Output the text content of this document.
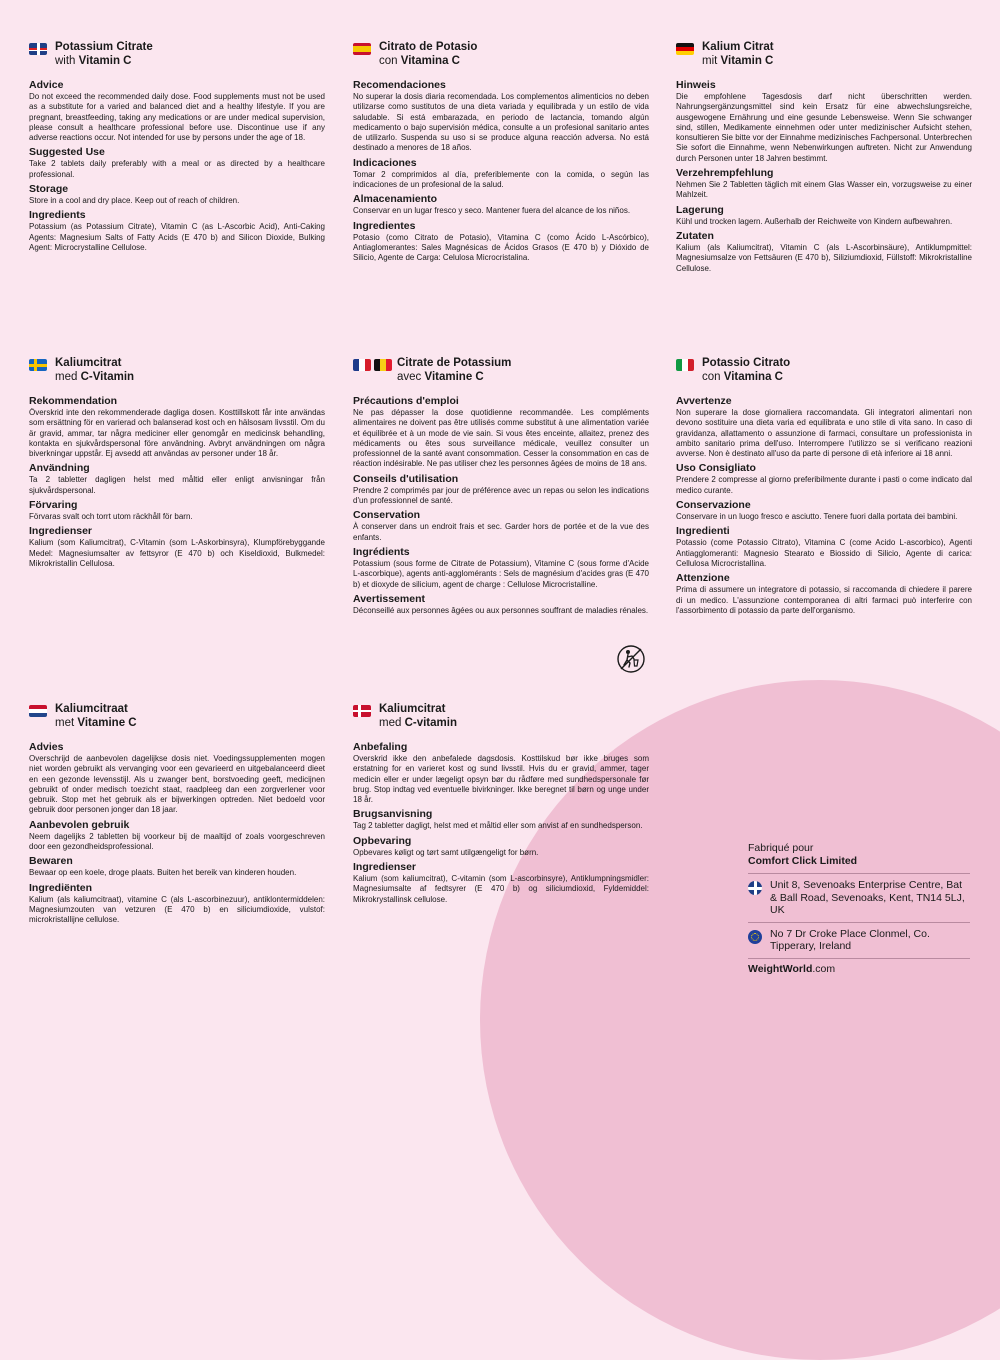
Potassium Citrate
with Vitamin C
Advice

Do not exceed the recommended daily dose. Food supplements must not be used as a substitute for a varied and balanced diet and a healthy lifestyle. If you are pregnant, breastfeeding, taking any medications or are under medical supervision, please consult a healthcare professional before use. Discontinue use if any adverse reactions occur. Not intended for use by persons under the age of 18.

Suggested Use

Take 2 tablets daily preferably with a meal or as directed by a healthcare professional.

Storage

Store in a cool and dry place. Keep out of reach of children.

Ingredients

Potassium (as Potassium Citrate), Vitamin C (as L-Ascorbic Acid), Anti-Caking Agents: Magnesium Salts of Fatty Acids (E 470 b) and Silicon Dioxide, Bulking Agent: Microcrystalline Cellulose.

Citrato de Potasio
con Vitamina C
Recomendaciones

No superar la dosis diaria recomendada. Los complementos alimenticios no deben utilizarse como sustitutos de una dieta variada y equilibrada y un estilo de vida saludable. Si está embarazada, en periodo de lactancia, tomando algún medicamento o bajo supervisión médica, consulte a un profesional sanitario antes de utilizarlo. Suspenda su uso si se produce alguna reacción adversa. No está destinado a menores de 18 años.

Indicaciones

Tomar 2 comprimidos al día, preferiblemente con la comida, o según las indicaciones de un profesional de la salud.

Almacenamiento

Conservar en un lugar fresco y seco. Mantener fuera del alcance de los niños.

Ingredientes

Potasio (como Citrato de Potasio), Vitamina C (como Ácido L-Ascórbico), Antiaglomerantes: Sales Magnésicas de Ácidos Grasos (E 470 b) y Dióxido de Silicio, Agente de Carga: Celulosa Microcristalina.

Kalium Citrat
mit Vitamin C
Hinweis

Die empfohlene Tagesdosis darf nicht überschritten werden. Nahrungsergänzungsmittel sind kein Ersatz für eine abwechslungsreiche, ausgewogene Ernährung und eine gesunde Lebensweise. Wenn Sie schwanger sind, stillen, Medikamente einnehmen oder unter medizinischer Aufsicht stehen, konsultieren Sie bitte vor der Einnahme medizinisches Fachpersonal. Unterbrechen Sie sofort die Einnahme, wenn Nebenwirkungen auftreten. Nicht zur Anwendung durch Personen unter 18 Jahren bestimmt.

Verzehrempfehlung

Nehmen Sie 2 Tabletten täglich mit einem Glas Wasser ein, vorzugsweise zu einer Mahlzeit.

Lagerung

Kühl und trocken lagern. Außerhalb der Reichweite von Kindern aufbewahren.

Zutaten

Kalium (als Kaliumcitrat), Vitamin C (als L-Ascorbinsäure), Antiklumpmittel: Magnesiumsalze von Fettsäuren (E 470 b), Siliziumdioxid, Füllstoff: Mikrokristalline Cellulose.

Kaliumcitrat
med C-Vitamin
Rekommendation

Överskrid inte den rekommenderade dagliga dosen. Kosttillskott får inte användas som ersättning för en varierad och balanserad kost och en hälsosam livsstil. Om du är gravid, ammar, tar några mediciner eller genomgår en medicinsk behandling, kontakta en sjukvårdspersonal före användning. Avbryt användningen om några biverkningar uppstår. Ej avsedd att användas av personer under 18 år.

Användning

Ta 2 tabletter dagligen helst med måltid eller enligt anvisningar från sjukvårdspersonal.

Förvaring

Förvaras svalt och torrt utom räckhåll för barn.

Ingredienser

Kalium (som Kaliumcitrat), C-Vitamin (som L-Askorbinsyra), Klumpförebyggande Medel: Magnesiumsalter av fettsyror (E 470 b) och Kiseldioxid, Bulkmedel: Mikrokristallin Cellulosa.

Citrate de Potassium
avec Vitamine C
Précautions d'emploi

Ne pas dépasser la dose quotidienne recommandée. Les compléments alimentaires ne doivent pas être utilisés comme substitut à une alimentation variée et équilibrée et à un mode de vie sain. Si vous êtes enceinte, allaitez, prenez des médicaments ou êtes sous surveillance médicale, veuillez consulter un professionnel de la santé avant consommation. Cesser la consommation en cas de réaction indésirable. Ne pas utiliser chez les personnes âgées de moins de 18 ans.

Conseils d'utilisation

Prendre 2 comprimés par jour de préférence avec un repas ou selon les indications d'un professionnel de santé.

Conservation

À conserver dans un endroit frais et sec. Garder hors de portée et de la vue des enfants.

Ingrédients

Potassium (sous forme de Citrate de Potassium), Vitamine C (sous forme d'Acide L-ascorbique), agents anti-agglomérants : Sels de magnésium d'acides gras (E 470 b) et dioxyde de silicium, agent de charge : Cellulose Microcristalline.

Avertissement

Déconseillé aux personnes âgées ou aux personnes souffrant de maladies rénales.

Potassio Citrato
con Vitamina C
Avvertenze

Non superare la dose giornaliera raccomandata. Gli integratori alimentari non devono sostituire una dieta varia ed equilibrata e uno stile di vita sano. In caso di gravidanza, allattamento o assunzione di farmaci, consultare un professionista in ambito sanitario prima dell'uso. Interrompere l'utilizzo se si verificano reazioni avverse. Non è destinato all'uso da parte di persone di età inferiore ai 18 anni.

Uso Consigliato

Prendere 2 compresse al giorno preferibilmente durante i pasti o come indicato dal medico curante.

Conservazione

Conservare in un luogo fresco e asciutto. Tenere fuori dalla portata dei bambini.

Ingredienti

Potassio (come Potassio Citrato), Vitamina C (come Acido L-ascorbico), Agenti Antiagglomeranti: Magnesio Stearato e Biossido di Silicio, Agente di carica: Cellulosa Microcristallina.

Attenzione

Prima di assumere un integratore di potassio, si raccomanda di chiedere il parere di un medico. L'assunzione contemporanea di altri farmaci può interferire con l'assorbimento di potassio da parte dell'organismo.

Kaliumcitraat
met Vitamine C
Advies

Overschrijd de aanbevolen dagelijkse dosis niet. Voedingssupplementen mogen niet worden gebruikt als vervanging voor een gevarieerd en uitgebalanceerd dieet en een gezonde levensstijl. Als u zwanger bent, borstvoeding geeft, medicijnen gebruikt of onder medisch toezicht staat, raadpleeg dan een zorgverlener voor gebruik. Stop met het gebruik als er bijwerkingen optreden. Niet bedoeld voor gebruik door personen jonger dan 18 jaar.

Aanbevolen gebruik

Neem dagelijks 2 tabletten bij voorkeur bij de maaltijd of zoals voorgeschreven door een gezondheidsprofessional.

Bewaren

Bewaar op een koele, droge plaats. Buiten het bereik van kinderen houden.

Ingrediënten

Kalium (als kaliumcitraat), vitamine C (als L-ascorbinezuur), antiklontermiddelen: Magnesiumzouten van vetzuren (E 470 b) en siliciumdioxide, vulstof: microkristallijne cellulose.

Kaliumcitrat
med C-vitamin
Anbefaling

Overskrid ikke den anbefalede dagsdosis. Kosttilskud bør ikke bruges som erstatning for en varieret kost og sund livsstil. Hvis du er gravid, ammer, tager medicin eller er under lægeligt opsyn bør du rådføre med sundhedspersonale før brug. Stop indtag ved eventuelle bivirkninger. Ikke beregnet til børn og unge under 18 år.

Brugsanvisning

Tag 2 tabletter dagligt, helst med et måltid eller som anvist af en sundhedsperson.

Opbevaring

Opbevares køligt og tørt samt utilgængeligt for børn.

Ingredienser

Kalium (som kaliumcitrat), C-vitamin (som L-ascorbinsyre), Antiklumpningsmidler: Magnesiumsalte af fedtsyrer (E 470 b) og siliciumdioxid, Fyldemiddel: Mikrokrystallinsk cellulose.

Fabriqué pour
Comfort Click Limited
Unit 8, Sevenoaks Enterprise Centre, Bat & Ball Road, Sevenoaks, Kent, TN14 5LJ, UK
No 7 Dr Croke Place Clonmel, Co. Tipperary, Ireland
WeightWorld.com
